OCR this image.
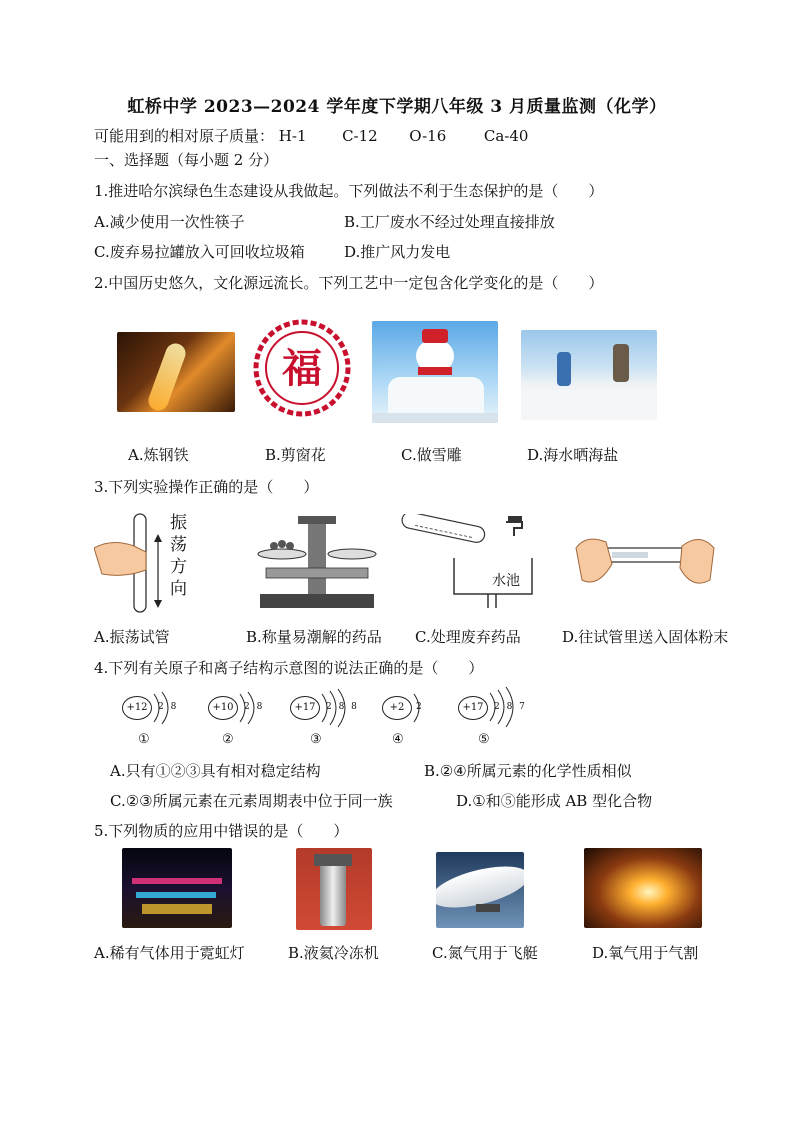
虹桥中学 2023—2024 学年度下学期八年级 3 月质量监测（化学）
可能用到的相对原子质量： H-1 C-12 O-16	Ca-40
一、选择题（每小题 2 分）
1.推进哈尔滨绿色生态建设从我做起。下列做法不利于生态保护的是（　　）
A.减少使用一次性筷子	B.工厂废水不经过处理直接排放
C.废弃易拉罐放入可回收垃圾箱	D.推广风力发电
2.中国历史悠久，文化源远流长。下列工艺中一定包含化学变化的是（　　）
福
A.炼钢铁	B.剪窗花	C.做雪雕	D.海水晒海盐
3.下列实验操作正确的是（　　）
振
荡
方
向	水池
A.振荡试管	B.称量易潮解的药品 C.处理废弃药品	D.往试管里送入固体粉末
4.下列有关原子和离子结构示意图的说法正确的是（　　）
+12	2 8	+10	2 8	+17	2 8 8	+2	2	+17	2 8 7
①	②	③	④	⑤
A.只有①②③具有相对稳定结构	B.②④所属元素的化学性质相似
C.②③所属元素在元素周期表中位于同一族	D.①和⑤能形成 AB 型化合物
5.下列物质的应用中错误的是（　　）
A.稀有气体用于霓虹灯	B.液氦冷冻机	C.氮气用于飞艇	D.氧气用于气割
